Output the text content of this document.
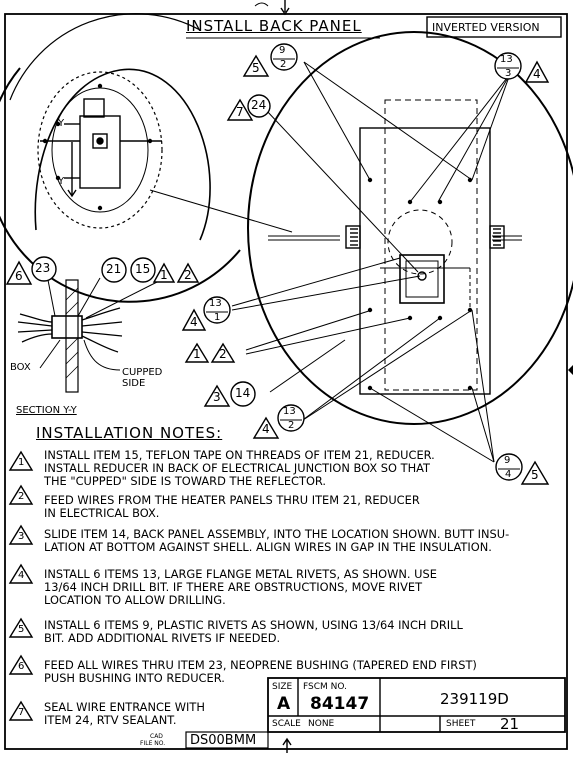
INSTALL BACK PANEL	INVERTED VERSION
5
9
2	13
3 4
7 24
6
23	21 15 1 2
4
13
1
1 2
3 14
4
13
2
9
4 5
Y
Y
BOX	CUPPED
SIDE
SECTION Y-Y
INSTALLATION NOTES:
1
INSTALL ITEM 15, TEFLON TAPE ON THREADS OF ITEM 21, REDUCER.
INSTALL REDUCER IN BACK OF ELECTRICAL JUNCTION BOX SO THAT
THE "CUPPED" SIDE IS TOWARD THE REFLECTOR.
2 FEED WIRES FROM THE HEATER PANELS THRU ITEM 21, REDUCER
IN ELECTRICAL BOX.
3 SLIDE ITEM 14, BACK PANEL ASSEMBLY, INTO THE LOCATION SHOWN. BUTT INSU-
LATION AT BOTTOM AGAINST SHELL. ALIGN WIRES IN GAP IN THE INSULATION.
4 INSTALL 6 ITEMS 13, LARGE FLANGE METAL RIVETS, AS SHOWN. USE
13/64 INCH DRILL BIT. IF THERE ARE OBSTRUCTIONS, MOVE RIVET
LOCATION TO ALLOW DRILLING.
5 INSTALL 6 ITEMS 9, PLASTIC RIVETS AS SHOWN, USING 13/64 INCH DRILL
BIT. ADD ADDITIONAL RIVETS IF NEEDED.
6 FEED ALL WIRES THRU ITEM 23, NEOPRENE BUSHING (TAPERED END FIRST)
PUSH BUSHING INTO REDUCER.
7 SEAL WIRE ENTRANCE WITH
ITEM 24, RTV SEALANT.
SIZE
A
FSCM NO.
84147	239119D
SCALE NONE	SHEET 21
CAD
FILE NO. DS00BMM
